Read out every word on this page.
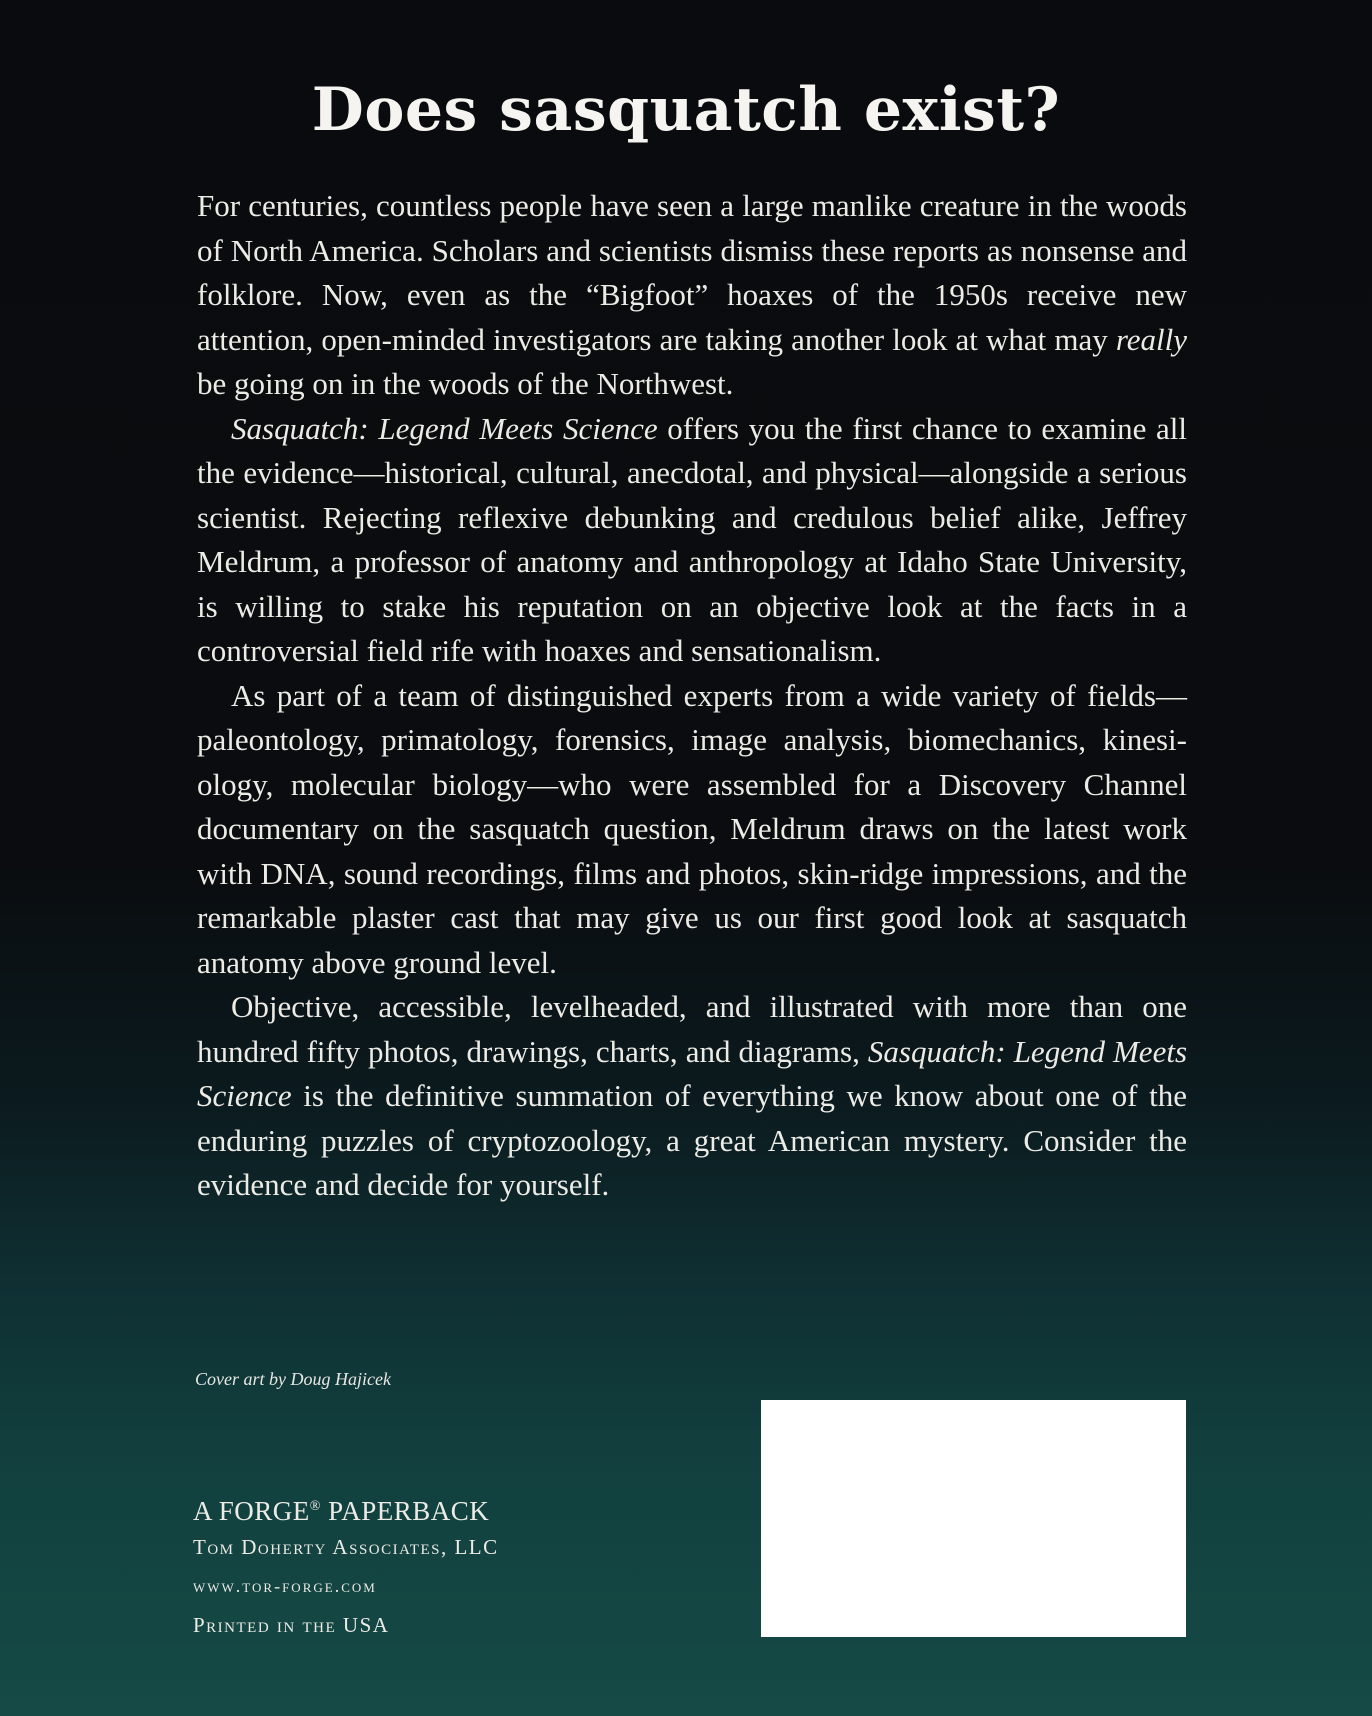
Does sasquatch exist?

For centuries, countless people have seen a large manlike creature in the woods of North America. Scholars and scientists dismiss these reports as nonsense and folklore. Now, even as the “Bigfoot” hoaxes of the 1950s receive new attention, open-minded investigators are taking another look at what may really be going on in the woods of the Northwest.

Sasquatch: Legend Meets Science offers you the first chance to examine all the evidence—historical, cultural, anecdotal, and physical—alongside a serious scientist. Rejecting reflexive debunking and credulous belief alike, Jeffrey Meldrum, a professor of anatomy and anthropology at Idaho State University, is willing to stake his reputation on an objective look at the facts in a controversial field rife with hoaxes and sensationalism.

As part of a team of distinguished experts from a wide variety of fields—paleontology, primatology, forensics, image analysis, biomechanics, kinesiology, molecular biology—who were assembled for a Discovery Channel documentary on the sasquatch question, Meldrum draws on the latest work with DNA, sound recordings, films and photos, skin-ridge impressions, and the remarkable plaster cast that may give us our first good look at sasquatch anatomy above ground level.

Objective, accessible, levelheaded, and illustrated with more than one hundred fifty photos, drawings, charts, and diagrams, Sasquatch: Legend Meets Science is the definitive summation of everything we know about one of the enduring puzzles of cryptozoology, a great American mystery. Consider the evidence and decide for yourself.

Cover art by Doug Hajicek
A FORGE® PAPERBACK
Tom Doherty Associates, LLC
www.tor-forge.com
Printed in the USA
